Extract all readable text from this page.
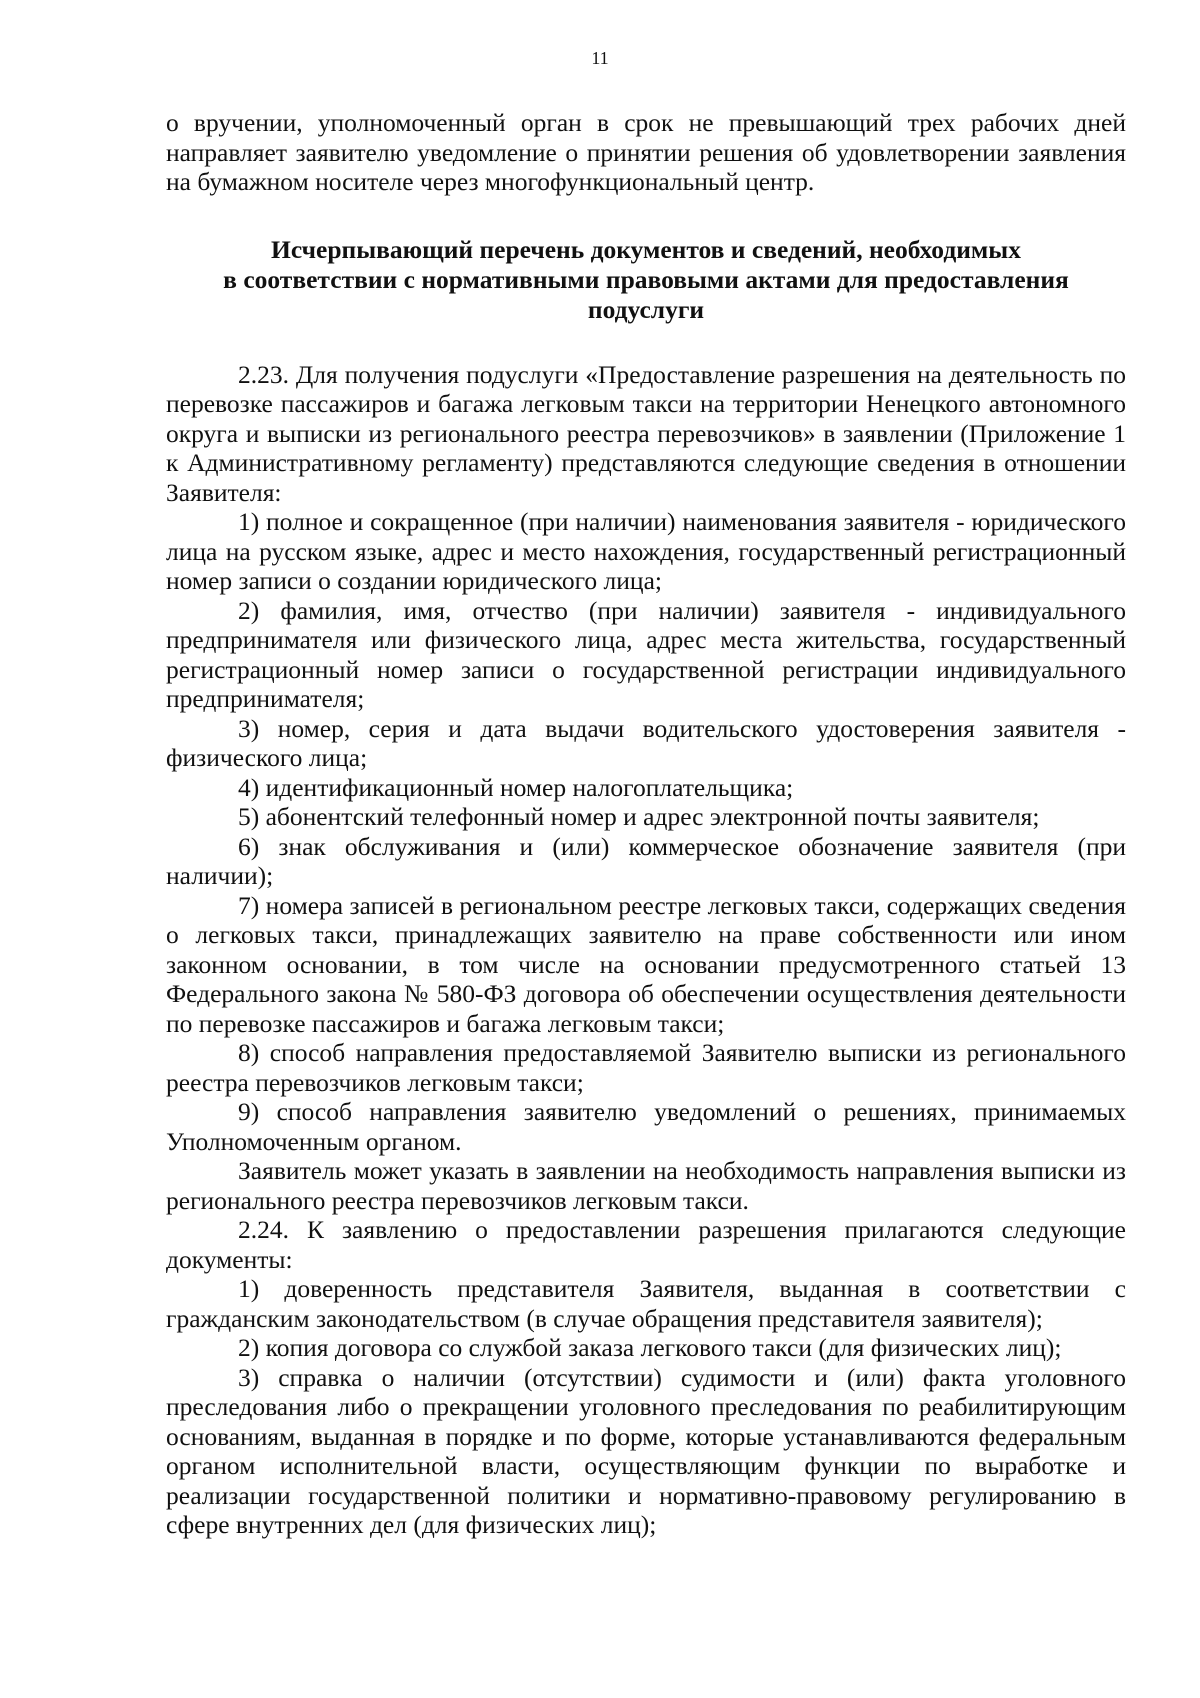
11

о вручении, уполномоченный орган в срок не превышающий трех рабочих дней направляет заявителю уведомление о принятии решения об удовлетворении заявления на бумажном носителе через многофункциональный центр.

Исчерпывающий перечень документов и сведений, необходимых
в соответствии с нормативными правовыми актами для предоставления
подуслуги

2.23. Для получения подуслуги «Предоставление разрешения на деятельность по перевозке пассажиров и багажа легковым такси на территории Ненецкого автономного округа и выписки из регионального реестра перевозчиков» в заявлении (Приложение 1 к Административному регламенту) представляются следующие сведения в отношении Заявителя:

1) полное и сокращенное (при наличии) наименования заявителя - юридического лица на русском языке, адрес и место нахождения, государственный регистрационный номер записи о создании юридического лица;

2) фамилия, имя, отчество (при наличии) заявителя - индивидуального предпринимателя или физического лица, адрес места жительства, государственный регистрационный номер записи о государственной регистрации индивидуального предпринимателя;

3) номер, серия и дата выдачи водительского удостоверения заявителя - физического лица;

4) идентификационный номер налогоплательщика;

5) абонентский телефонный номер и адрес электронной почты заявителя;

6) знак обслуживания и (или) коммерческое обозначение заявителя (при наличии);

7) номера записей в региональном реестре легковых такси, содержащих сведения о легковых такси, принадлежащих заявителю на праве собственности или ином законном основании, в том числе на основании предусмотренного статьей 13 Федерального закона № 580-ФЗ договора об обеспечении осуществления деятельности по перевозке пассажиров и багажа легковым такси;

8) способ направления предоставляемой Заявителю выписки из регионального реестра перевозчиков легковым такси;

9) способ направления заявителю уведомлений о решениях, принимаемых Уполномоченным органом.

Заявитель может указать в заявлении на необходимость направления выписки из регионального реестра перевозчиков легковым такси.

2.24. К заявлению о предоставлении разрешения прилагаются следующие документы:

1) доверенность представителя Заявителя, выданная в соответствии с гражданским законодательством (в случае обращения представителя заявителя);

2) копия договора со службой заказа легкового такси (для физических лиц);

3) справка о наличии (отсутствии) судимости и (или) факта уголовного преследования либо о прекращении уголовного преследования по реабилитирующим основаниям, выданная в порядке и по форме, которые устанавливаются федеральным органом исполнительной власти, осуществляющим функции по выработке и реализации государственной политики и нормативно-правовому регулированию в сфере внутренних дел (для физических лиц);
